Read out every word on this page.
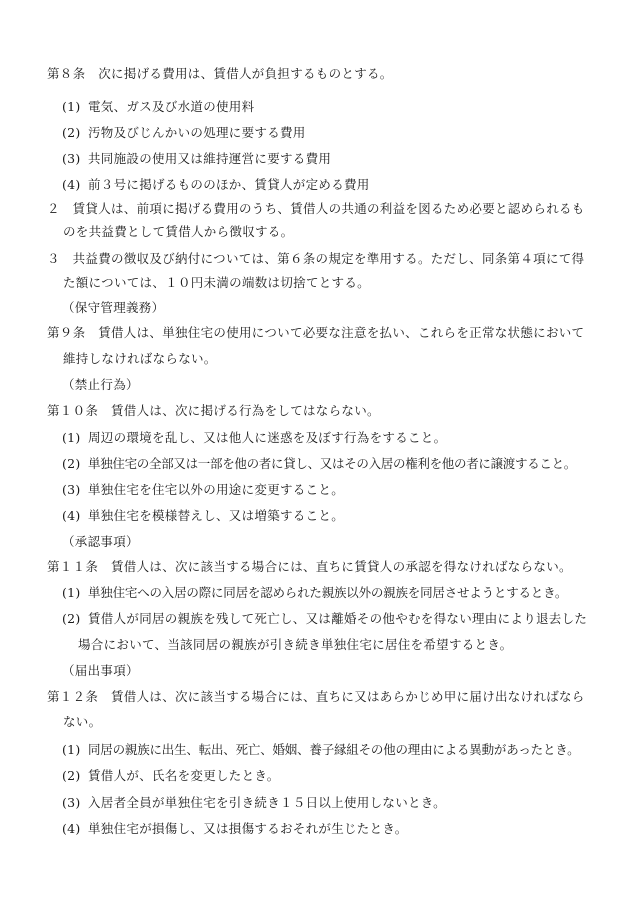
第８条　次に掲げる費用は、賃借人が負担するものとする。
(1) 電気、ガス及び水道の使用料
(2) 汚物及びじんかいの処理に要する費用
(3) 共同施設の使用又は維持運営に要する費用
(4) 前３号に掲げるもののほか、賃貸人が定める費用
２　賃貸人は、前項に掲げる費用のうち、賃借人の共通の利益を図るため必要と認められるも
のを共益費として賃借人から徴収する。
３　共益費の徴収及び納付については、第６条の規定を準用する。ただし、同条第４項にて得
た額については、１０円未満の端数は切捨てとする。
（保守管理義務）
第９条　賃借人は、単独住宅の使用について必要な注意を払い、これらを正常な状態において
維持しなければならない。
（禁止行為）
第１０条　賃借人は、次に掲げる行為をしてはならない。
(1) 周辺の環境を乱し、又は他人に迷惑を及ぼす行為をすること。
(2) 単独住宅の全部又は一部を他の者に貸し、又はその入居の権利を他の者に譲渡すること。
(3) 単独住宅を住宅以外の用途に変更すること。
(4) 単独住宅を模様替えし、又は増築すること。
（承認事項）
第１１条　賃借人は、次に該当する場合には、直ちに賃貸人の承認を得なければならない。
(1) 単独住宅への入居の際に同居を認められた親族以外の親族を同居させようとするとき。
(2) 賃借人が同居の親族を残して死亡し、又は離婚その他やむを得ない理由により退去した
場合において、当該同居の親族が引き続き単独住宅に居住を希望するとき。
（届出事項）
第１２条　賃借人は、次に該当する場合には、直ちに又はあらかじめ甲に届け出なければなら
ない。
(1) 同居の親族に出生、転出、死亡、婚姻、養子縁組その他の理由による異動があったとき。
(2) 賃借人が、氏名を変更したとき。
(3) 入居者全員が単独住宅を引き続き１５日以上使用しないとき。
(4) 単独住宅が損傷し、又は損傷するおそれが生じたとき。
